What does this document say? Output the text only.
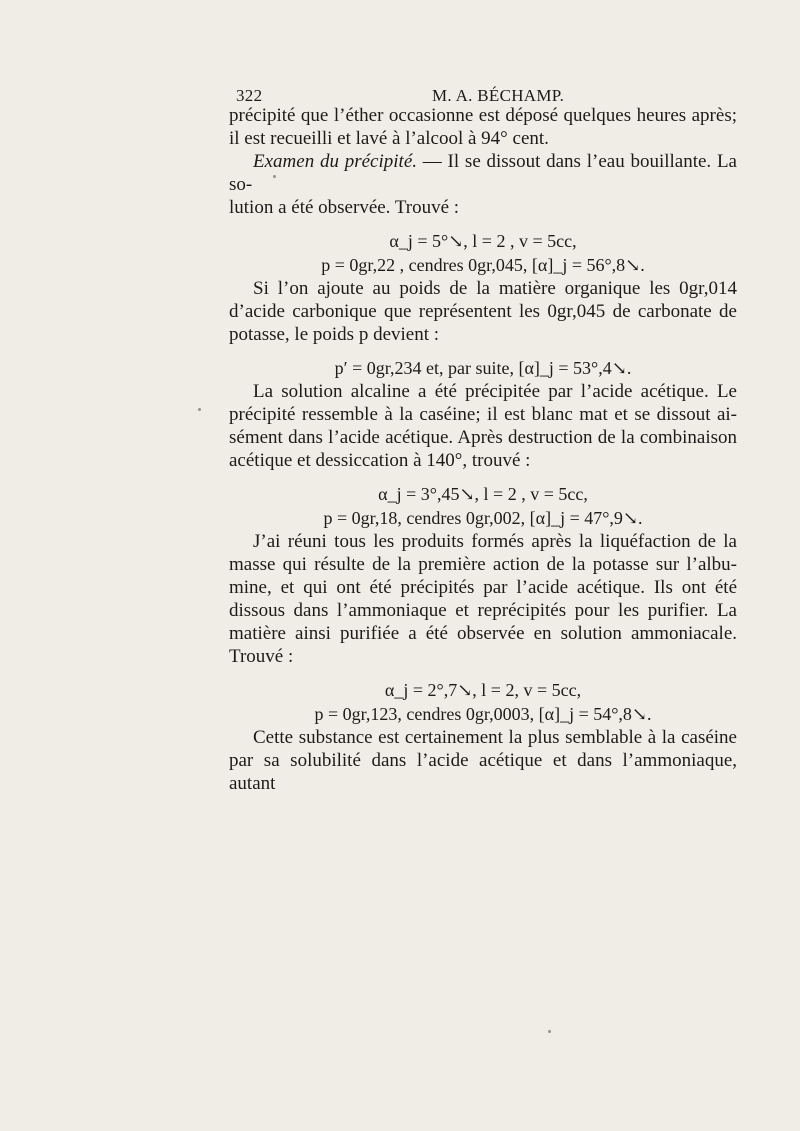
322	M. A. BÉCHAMP.

précipité que l’éther occasionne est déposé quelques heures après;

il est recueilli et lavé à l’alcool à 94° cent.

Examen du précipité. — Il se dissout dans l’eau bouillante. La so-

lution a été observée. Trouvé :

α_j = 5°↘, l = 2 , v = 5cc,

p = 0gr,22 , cendres 0gr,045, [α]_j = 56°,8↘.

Si l’on ajoute au poids de la matière organique les 0gr,014

d’acide carbonique que représentent les 0gr,045 de carbonate de

potasse, le poids p devient :

p′ = 0gr,234 et, par suite, [α]_j = 53°,4↘.

La solution alcaline a été précipitée par l’acide acétique. Le

précipité ressemble à la caséine; il est blanc mat et se dissout ai-

sément dans l’acide acétique. Après destruction de la combinaison

acétique et dessiccation à 140°, trouvé :

α_j = 3°,45↘, l = 2 , v = 5cc,

p = 0gr,18, cendres 0gr,002, [α]_j = 47°,9↘.

J’ai réuni tous les produits formés après la liquéfaction de la

masse qui résulte de la première action de la potasse sur l’albu-

mine, et qui ont été précipités par l’acide acétique. Ils ont été

dissous dans l’ammoniaque et reprécipités pour les purifier. La

matière ainsi purifiée a été observée en solution ammoniacale.

Trouvé :

α_j = 2°,7↘, l = 2, v = 5cc,

p = 0gr,123, cendres 0gr,0003, [α]_j = 54°,8↘.

Cette substance est certainement la plus semblable à la caséine

par sa solubilité dans l’acide acétique et dans l’ammoniaque, autant
